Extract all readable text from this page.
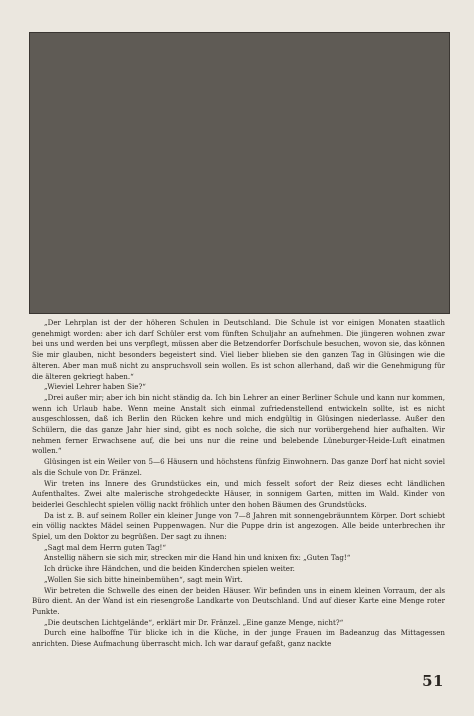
„Der Lehrplan ist der der höheren Schulen in Deutschland. Die Schule ist vor einigen Monaten staatlich genehmigt worden: aber ich darf Schüler erst vom fünften Schuljahr an aufnehmen. Die jüngeren wohnen zwar bei uns und werden bei uns verpflegt, müssen aber die Betzendorfer Dorfschule besuchen, wovon sie, das können Sie mir glauben, nicht besonders begeistert sind. Viel lieber blieben sie den ganzen Tag in Glüsingen wie die älteren. Aber man muß nicht zu anspruchsvoll sein wollen. Es ist schon allerhand, daß wir die Genehmigung für die älteren gekriegt haben.“

„Wieviel Lehrer haben Sie?“

„Drei außer mir; aber ich bin nicht ständig da. Ich bin Lehrer an einer Berliner Schule und kann nur kommen, wenn ich Urlaub habe. Wenn meine Anstalt sich einmal zufriedenstellend entwickeln sollte, ist es nicht ausgeschlossen, daß ich Berlin den Rücken kehre und mich endgültig in Glüsingen niederlasse. Außer den Schülern, die das ganze Jahr hier sind, gibt es noch solche, die sich nur vorübergehend hier aufhalten. Wir nehmen ferner Erwachsene auf, die bei uns nur die reine und belebende Lüneburger-Heide-Luft einatmen wollen.“

Glüsingen ist ein Weiler von 5—6 Häusern und höchstens fünfzig Einwohnern. Das ganze Dorf hat nicht soviel als die Schule von Dr. Fränzel.

Wir treten ins Innere des Grundstückes ein, und mich fesselt sofort der Reiz dieses echt ländlichen Aufenthaltes. Zwei alte malerische strohgedeckte Häuser, in sonnigem Garten, mitten im Wald. Kinder von beiderlei Geschlecht spielen völlig nackt fröhlich unter den hohen Bäumen des Grundstücks.

Da ist z. B. auf seinem Roller ein kleiner Junge von 7—8 Jahren mit sonnengebräunntem Körper. Dort schiebt ein völlig nacktes Mädel seinen Puppenwagen. Nur die Puppe drin ist angezogen. Alle beide unterbrechen ihr Spiel, um den Doktor zu begrüßen. Der sagt zu ihnen:

„Sagt mal dem Herrn guten Tag!“

Anstellig nähern sie sich mir, strecken mir die Hand hin und knixen fix: „Guten Tag!“

Ich drücke ihre Händchen, und die beiden Kinderchen spielen weiter.

„Wollen Sie sich bitte hineinbemühen“, sagt mein Wirt.

Wir betreten die Schwelle des einen der beiden Häuser. Wir befinden uns in einem kleinen Vorraum, der als Büro dient. An der Wand ist ein riesengroße Landkarte von Deutschland. Und auf dieser Karte eine Menge roter Punkte.

„Die deutschen Lichtgelände“, erklärt mir Dr. Fränzel. „Eine ganze Menge, nicht?“

Durch eine halboffne Tür blicke ich in die Küche, in der junge Frauen im Badeanzug das Mittagessen anrichten. Diese Aufmachung überrascht mich. Ich war darauf gefaßt, ganz nackte

51
